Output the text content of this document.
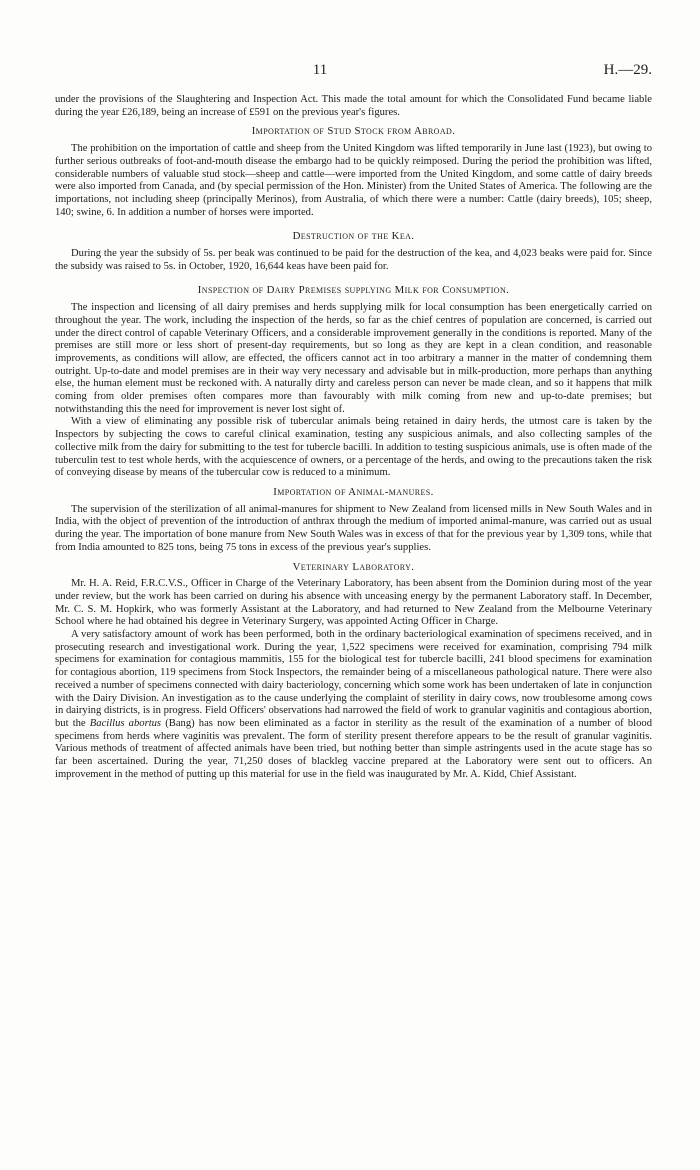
11	H.—29.

under the provisions of the Slaughtering and Inspection Act. This made the total amount for which the Consolidated Fund became liable during the year £26,189, being an increase of £591 on the previous year's figures.

Importation of Stud Stock from Abroad.

The prohibition on the importation of cattle and sheep from the United Kingdom was lifted temporarily in June last (1923), but owing to further serious outbreaks of foot-and-mouth disease the embargo had to be quickly reimposed. During the period the prohibition was lifted, considerable numbers of valuable stud stock—sheep and cattle—were imported from the United Kingdom, and some cattle of dairy breeds were also imported from Canada, and (by special permission of the Hon. Minister) from the United States of America. The following are the importations, not including sheep (principally Merinos), from Australia, of which there were a number: Cattle (dairy breeds), 105; sheep, 140; swine, 6. In addition a number of horses were imported.

Destruction of the Kea.

During the year the subsidy of 5s. per beak was continued to be paid for the destruction of the kea, and 4,023 beaks were paid for. Since the subsidy was raised to 5s. in October, 1920, 16,644 keas have been paid for.

Inspection of Dairy Premises supplying Milk for Consumption.

The inspection and licensing of all dairy premises and herds supplying milk for local consumption has been energetically carried on throughout the year. The work, including the inspection of the herds, so far as the chief centres of population are concerned, is carried out under the direct control of capable Veterinary Officers, and a considerable improvement generally in the conditions is reported. Many of the premises are still more or less short of present-day requirements, but so long as they are kept in a clean condition, and reasonable improvements, as conditions will allow, are effected, the officers cannot act in too arbitrary a manner in the matter of condemning them outright. Up-to-date and model premises are in their way very necessary and advisable but in milk-production, more perhaps than anything else, the human element must be reckoned with. A naturally dirty and careless person can never be made clean, and so it happens that milk coming from older premises often compares more than favourably with milk coming from new and up-to-date premises; but notwithstanding this the need for improvement is never lost sight of.

With a view of eliminating any possible risk of tubercular animals being retained in dairy herds, the utmost care is taken by the Inspectors by subjecting the cows to careful clinical examination, testing any suspicious animals, and also collecting samples of the collective milk from the dairy for submitting to the test for tubercle bacilli. In addition to testing suspicious animals, use is often made of the tuberculin test to test whole herds, with the acquiescence of owners, or a percentage of the herds, and owing to the precautions taken the risk of conveying disease by means of the tubercular cow is reduced to a minimum.

Importation of Animal-manures.

The supervision of the sterilization of all animal-manures for shipment to New Zealand from licensed mills in New South Wales and in India, with the object of prevention of the introduction of anthrax through the medium of imported animal-manure, was carried out as usual during the year. The importation of bone manure from New South Wales was in excess of that for the previous year by 1,309 tons, while that from India amounted to 825 tons, being 75 tons in excess of the previous year's supplies.

Veterinary Laboratory.

Mr. H. A. Reid, F.R.C.V.S., Officer in Charge of the Veterinary Laboratory, has been absent from the Dominion during most of the year under review, but the work has been carried on during his absence with unceasing energy by the permanent Laboratory staff. In December, Mr. C. S. M. Hopkirk, who was formerly Assistant at the Laboratory, and had returned to New Zealand from the Melbourne Veterinary School where he had obtained his degree in Veterinary Surgery, was appointed Acting Officer in Charge.

A very satisfactory amount of work has been performed, both in the ordinary bacteriological examination of specimens received, and in prosecuting research and investigational work. During the year, 1,522 specimens were received for examination, comprising 794 milk specimens for examination for contagious mammitis, 155 for the biological test for tubercle bacilli, 241 blood specimens for examination for contagious abortion, 119 specimens from Stock Inspectors, the remainder being of a miscellaneous pathological nature. There were also received a number of specimens connected with dairy bacteriology, concerning which some work has been undertaken of late in conjunction with the Dairy Division. An investigation as to the cause underlying the complaint of sterility in dairy cows, now troublesome among cows in dairying districts, is in progress. Field Officers' observations had narrowed the field of work to granular vaginitis and contagious abortion, but the Bacillus abortus (Bang) has now been eliminated as a factor in sterility as the result of the examination of a number of blood specimens from herds where vaginitis was prevalent. The form of sterility present therefore appears to be the result of granular vaginitis. Various methods of treatment of affected animals have been tried, but nothing better than simple astringents used in the acute stage has so far been ascertained. During the year, 71,250 doses of blackleg vaccine prepared at the Laboratory were sent out to officers. An improvement in the method of putting up this material for use in the field was inaugurated by Mr. A. Kidd, Chief Assistant.
